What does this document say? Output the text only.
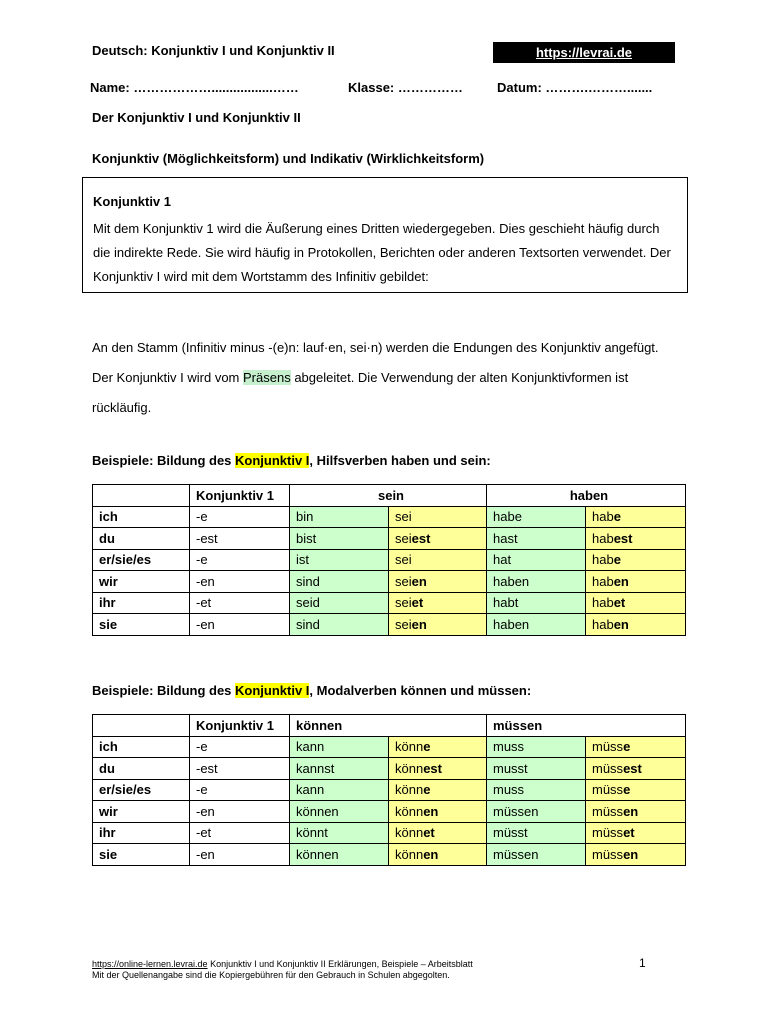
Deutsch: Konjunktiv I und Konjunktiv II	https://levrai.de
Name: ……………….................……	Klasse: ……………	Datum: ……….……….......
Der Konjunktiv I und Konjunktiv II
Konjunktiv (Möglichkeitsform) und Indikativ (Wirklichkeitsform)
Konjunktiv 1
Mit dem Konjunktiv 1 wird die Äußerung eines Dritten wiedergegeben. Dies geschieht häufig durch die indirekte Rede. Sie wird häufig in Protokollen, Berichten oder anderen Textsorten verwendet. Der Konjunktiv I wird mit dem Wortstamm des Infinitiv gebildet:
An den Stamm (Infinitiv minus -(e)n: lauf·en, sei·n) werden die Endungen des Konjunktiv angefügt. Der Konjunktiv I wird vom Präsens abgeleitet. Die Verwendung der alten Konjunktivformen ist rückläufig.
Beispiele: Bildung des Konjunktiv I, Hilfsverben haben und sein:
	Konjunktiv 1	sein		haben	
ich	-e	bin	sei	habe	habe
du	-est	bist	seiest	hast	habest
er/sie/es	-e	ist	sei	hat	habe
wir	-en	sind	seien	haben	haben
ihr	-et	seid	seiet	habt	habet
sie	-en	sind	seien	haben	haben
Beispiele: Bildung des Konjunktiv I, Modalverben können und müssen:
	Konjunktiv 1	können		müssen	
ich	-e	kann	könne	muss	müsse
du	-est	kannst	könnest	musst	müssest
er/sie/es	-e	kann	könne	muss	müsse
wir	-en	können	können	müssen	müssen
ihr	-et	könnt	könnet	müsst	müsset
sie	-en	können	können	müssen	müssen
https://online-lernen.levrai.de Konjunktiv I und Konjunktiv II Erklärungen, Beispiele – Arbeitsblatt
Mit der Quellenangabe sind die Kopiergebühren für den Gebrauch in Schulen abgegolten.
1
